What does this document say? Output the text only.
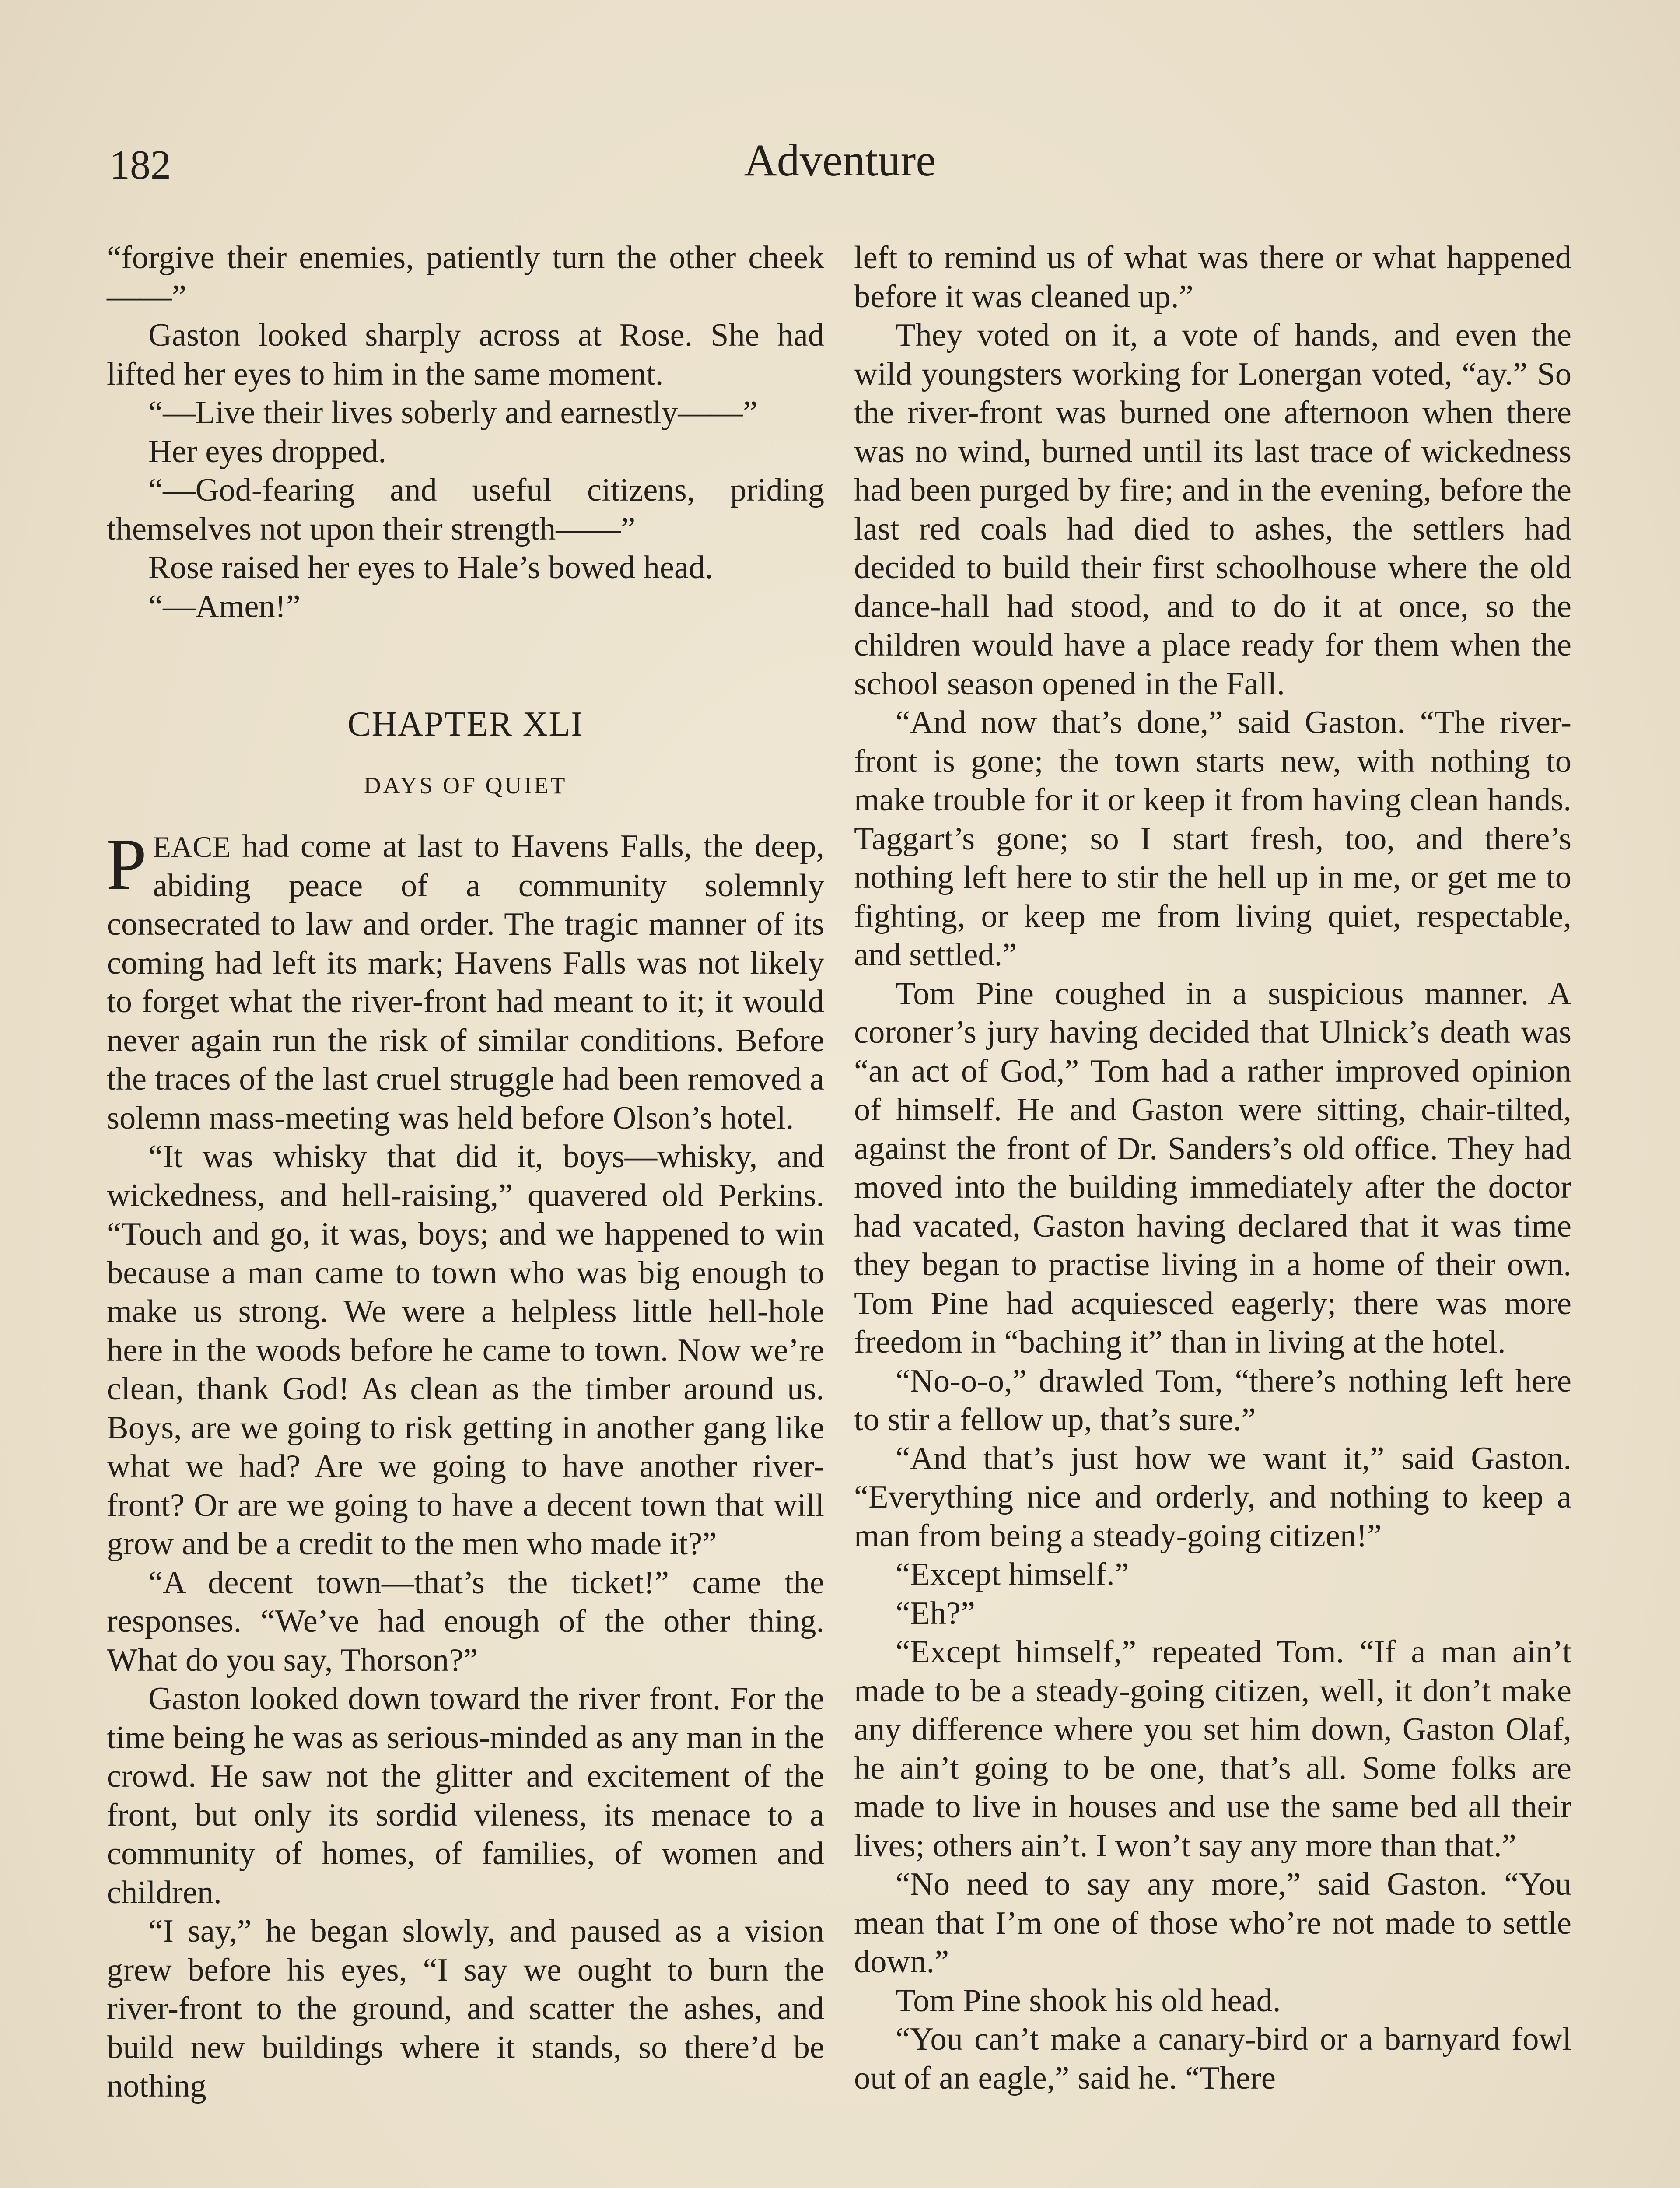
182	Adventure

“forgive their enemies, patiently turn the other cheek——”

Gaston looked sharply across at Rose. She had lifted her eyes to him in the same moment.

“—Live their lives soberly and earnestly——”

Her eyes dropped.

“—God-fearing and useful citizens, priding themselves not upon their strength——”

Rose raised her eyes to Hale’s bowed head.

“—Amen!”

CHAPTER XLI
DAYS OF QUIET

PEACE had come at last to Havens Falls, the deep, abiding peace of a community solemnly consecrated to law and order. The tragic manner of its coming had left its mark; Havens Falls was not likely to forget what the river-front had meant to it; it would never again run the risk of similar conditions. Before the traces of the last cruel struggle had been removed a solemn mass-meeting was held before Olson’s hotel.

“It was whisky that did it, boys—whisky, and wickedness, and hell-raising,” quavered old Perkins. “Touch and go, it was, boys; and we happened to win because a man came to town who was big enough to make us strong. We were a helpless little hell-hole here in the woods before he came to town. Now we’re clean, thank God! As clean as the timber around us. Boys, are we going to risk getting in another gang like what we had? Are we going to have another river-front? Or are we going to have a decent town that will grow and be a credit to the men who made it?”

“A decent town—that’s the ticket!” came the responses. “We’ve had enough of the other thing. What do you say, Thorson?”

Gaston looked down toward the river front. For the time being he was as serious-minded as any man in the crowd. He saw not the glitter and excitement of the front, but only its sordid vileness, its menace to a community of homes, of families, of women and children.

“I say,” he began slowly, and paused as a vision grew before his eyes, “I say we ought to burn the river-front to the ground, and scatter the ashes, and build new buildings where it stands, so there’d be nothing

left to remind us of what was there or what happened before it was cleaned up.”

They voted on it, a vote of hands, and even the wild youngsters working for Lonergan voted, “ay.” So the river-front was burned one afternoon when there was no wind, burned until its last trace of wickedness had been purged by fire; and in the evening, before the last red coals had died to ashes, the settlers had decided to build their first schoolhouse where the old dance-hall had stood, and to do it at once, so the children would have a place ready for them when the school season opened in the Fall.

“And now that’s done,” said Gaston. “The river-front is gone; the town starts new, with nothing to make trouble for it or keep it from having clean hands. Taggart’s gone; so I start fresh, too, and there’s nothing left here to stir the hell up in me, or get me to fighting, or keep me from living quiet, respectable, and settled.”

Tom Pine coughed in a suspicious manner. A coroner’s jury having decided that Ulnick’s death was “an act of God,” Tom had a rather improved opinion of himself. He and Gaston were sitting, chair-tilted, against the front of Dr. Sanders’s old office. They had moved into the building immediately after the doctor had vacated, Gaston having declared that it was time they began to practise living in a home of their own. Tom Pine had acquiesced eagerly; there was more freedom in “baching it” than in living at the hotel.

“No-o-o,” drawled Tom, “there’s nothing left here to stir a fellow up, that’s sure.”

“And that’s just how we want it,” said Gaston. “Everything nice and orderly, and nothing to keep a man from being a steady-going citizen!”

“Except himself.”

“Eh?”

“Except himself,” repeated Tom. “If a man ain’t made to be a steady-going citizen, well, it don’t make any difference where you set him down, Gaston Olaf, he ain’t going to be one, that’s all. Some folks are made to live in houses and use the same bed all their lives; others ain’t. I won’t say any more than that.”

“No need to say any more,” said Gaston. “You mean that I’m one of those who’re not made to settle down.”

Tom Pine shook his old head.

“You can’t make a canary-bird or a barnyard fowl out of an eagle,” said he. “There
